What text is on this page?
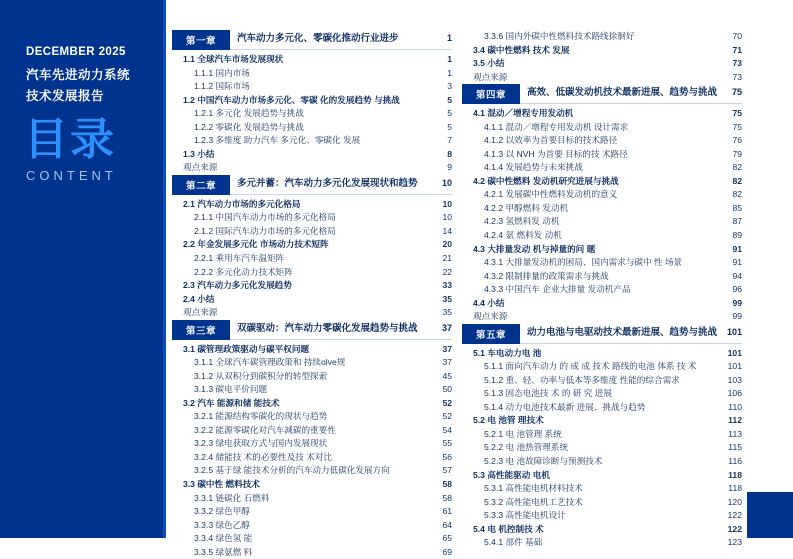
DECEMBER 2025
汽车先进动力系统
技术发展报告
目录
CONTENT
第一章	汽车动力多元化、零碳化推动行业进步	1
1.1 全球汽车市场发展现状	1
1.1.1 国内市场	1
1.1.2 国际市场	3
1.2 中国汽车动力市场多元化、零碳 化的发展趋势 与挑战	5
1.2.1 多元化 发展趋势与挑战	5
1.2.2 零碳化 发展趋势与挑战	5
1.2.3 多维度 助力汽车 多元化、零碳化 发展	7
1.3 小结	8
观点来源	9
第二章	多元并蓄：汽车动力多元化发展现状和趋势	10
2.1 汽车动力市场的多元化格局	10
2.1.1 中国汽车动力市场的多元化格局	10
2.1.2 国际汽车动力市场的多元化格局	14
2.2 年金发展多元化 市场动力技术短阵	20
2.2.1 乘用车汽车温矩阵	21
2.2.2 多元化动力技术矩阵	22
2.3 汽车动力多元化发展趋势	33
2.4 小结	35
观点来源	35
第三章	双碳驱动：汽车动力零碳化发展趋势与挑战	37
3.1 碳管理政策驱动与碳平权问题	37
3.1.1 全球汽车碳管理政策和 持续olve规	37
3.1.2 从双积分到碳积分的转型探索	45
3.1.3 碳电平价问题	50
3.2 汽车 能源和储 能技术	52
3.2.1 能源结构零碳化的现状与趋势	52
3.2.2 能源零碳化对汽车减碳的重要性	54
3.2.3 绿电获取方式与国内发展现状	55
3.2.4 储能技 术的必要性及技 术对比	56
3.2.5 基于绿 能技术分析的汽车动力低碳化发展方向	57
3.3 碳中性 燃料技术	58
3.3.1 链碳化 石燃料	58
3.3.2 绿色甲醇	61
3.3.3 绿色乙醇	64
3.3.4 绿色氢 能	65
3.3.5 绿氨燃 料	69
3.3.6 国内外碳中性燃料技术路线徐徊好	70
3.4 碳中性燃料 技术 发展	71
3.5 小结	73
观点来源	73
第四章	高效、低碳发动机技术最新进展、趋势与挑战	75
4.1 混动／增程专用发动机	75
4.1.1 混动／增程专用发动机 设计需求	75
4.1.2 以效率为首要目标的技术路径	76
4.1.3 以 NVH 为首要 目标的技 术路径	79
4.1.4 发展趋势与未来挑战	82
4.2 碳中性燃料 发动机研究进展与挑战	82
4.2.1 发展碳中性燃料发动机的意义	82
4.2.2 甲醇燃料 发动机	85
4.2.3 氢燃料发 动机	87
4.2.4 氨 燃料发 动机	89
4.3 大排量发动 机与掉量的问 题	91
4.3.1 大排量发动机的困局、国内需求与碳中 性 场景	91
4.3.2 限制排量的政策需求与挑战	94
4.3.3 中国汽车 企业大排量 发动机产品	96
4.4 小结	99
观点来源	99
第五章	动力电池与电驱动技术最新进展、趋势与挑战	101
5.1 车电动力电 池	101
5.1.1 面向汽车动力 的 成 成 技术 路线的电池 体系 技 术	101
5.1.2 重、轻、功率与低本等多维度 性能的综合需求	103
5.1.3 固态电池技 术 的 研 究 进展	106
5.1.4 动力电池技术最新 进展、挑战与趋势	110
5.2 电 池管 理技术	112
5.2.1 电 池管理 系统	113
5.2.2 电 池热管理系统	115
5.2.3 电 池故障诊断与预测技术	116
5.3 高性能驱动 电机	118
5.3.1 高性能电机材料技术	118
5.3.2 高性能电机工艺技术	120
5.3.3 高性能电机设计	122
5.4 电 机控制技 术	122
5.4.1 部件 基础	123
